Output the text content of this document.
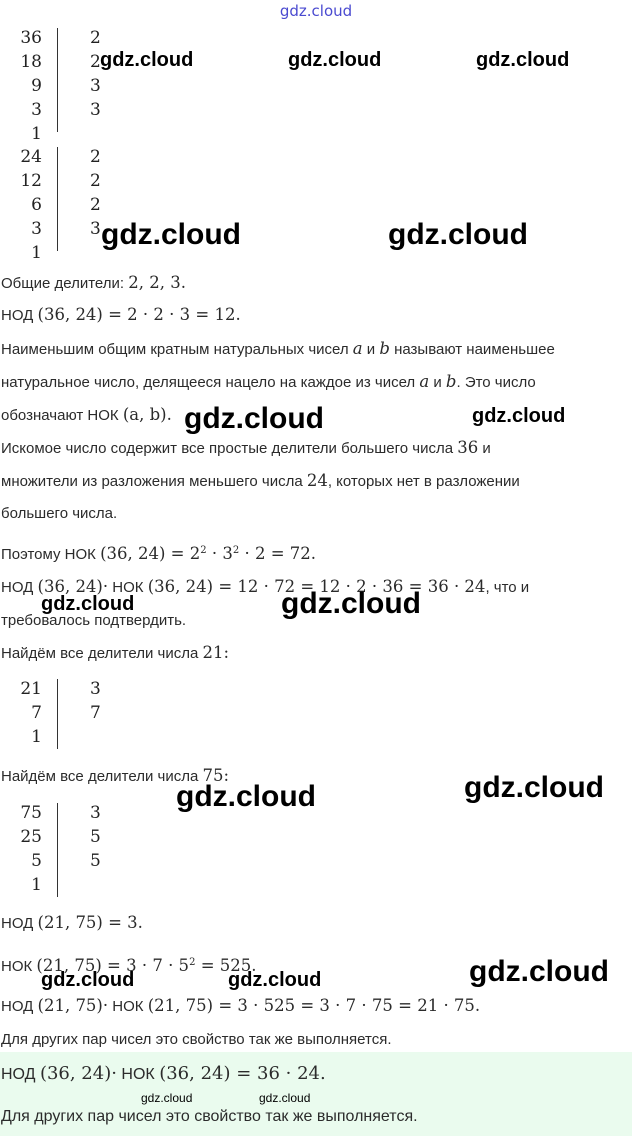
gdz.cloud
36	2
18	2
9	3
3	3
1
24	2
12	2
6	2
3	3
1
Общие делители: 2, 2, 3.
НОД (36, 24) = 2 · 2 · 3 = 12.
Наименьшим общим кратным натуральных чисел a и b называют наименьшее
натуральное число, делящееся нацело на каждое из чисел a и b. Это число
обозначают НОК (a, b).
Искомое число содержит все простые делители большего числа 36 и
множители из разложения меньшего числа 24, которых нет в разложении
большего числа.
Поэтому НОК (36, $24) = 2^2 \cdot 3^2 \cdot 2 = 72$.
НОД (36, 24)· НОК (36, 24) = 12 · 72 = 12 · 2 · 36 = 36 · 24, что и
требовалось подтвердить.
Найдём все делители числа 21:
21	3
7	7
1
Найдём все делители числа 75:
75	3
25	5
5	5
1
НОД (21, 75) = 3.
НОК (21, $75) = 3 \cdot 7 \cdot 5^2 = 525$.
НОД (21, 75)· НОК (21, 75) = 3 · 525 = 3 · 7 · 75 = 21 · 75.
Для других пар чисел это свойство так же выполняется.
НОД (36, 24)· НОК (36, 24) = 36 · 24.
Для других пар чисел это свойство так же выполняется.
gdz.cloud	gdz.cloud	gdz.cloud
gdz.cloud	gdz.cloud
gdz.cloud	gdz.cloud
gdz.cloud	gdz.cloud
gdz.cloud	gdz.cloud
gdz.cloud	gdz.cloud	gdz.cloud
gdz.cloud	gdz.cloud
